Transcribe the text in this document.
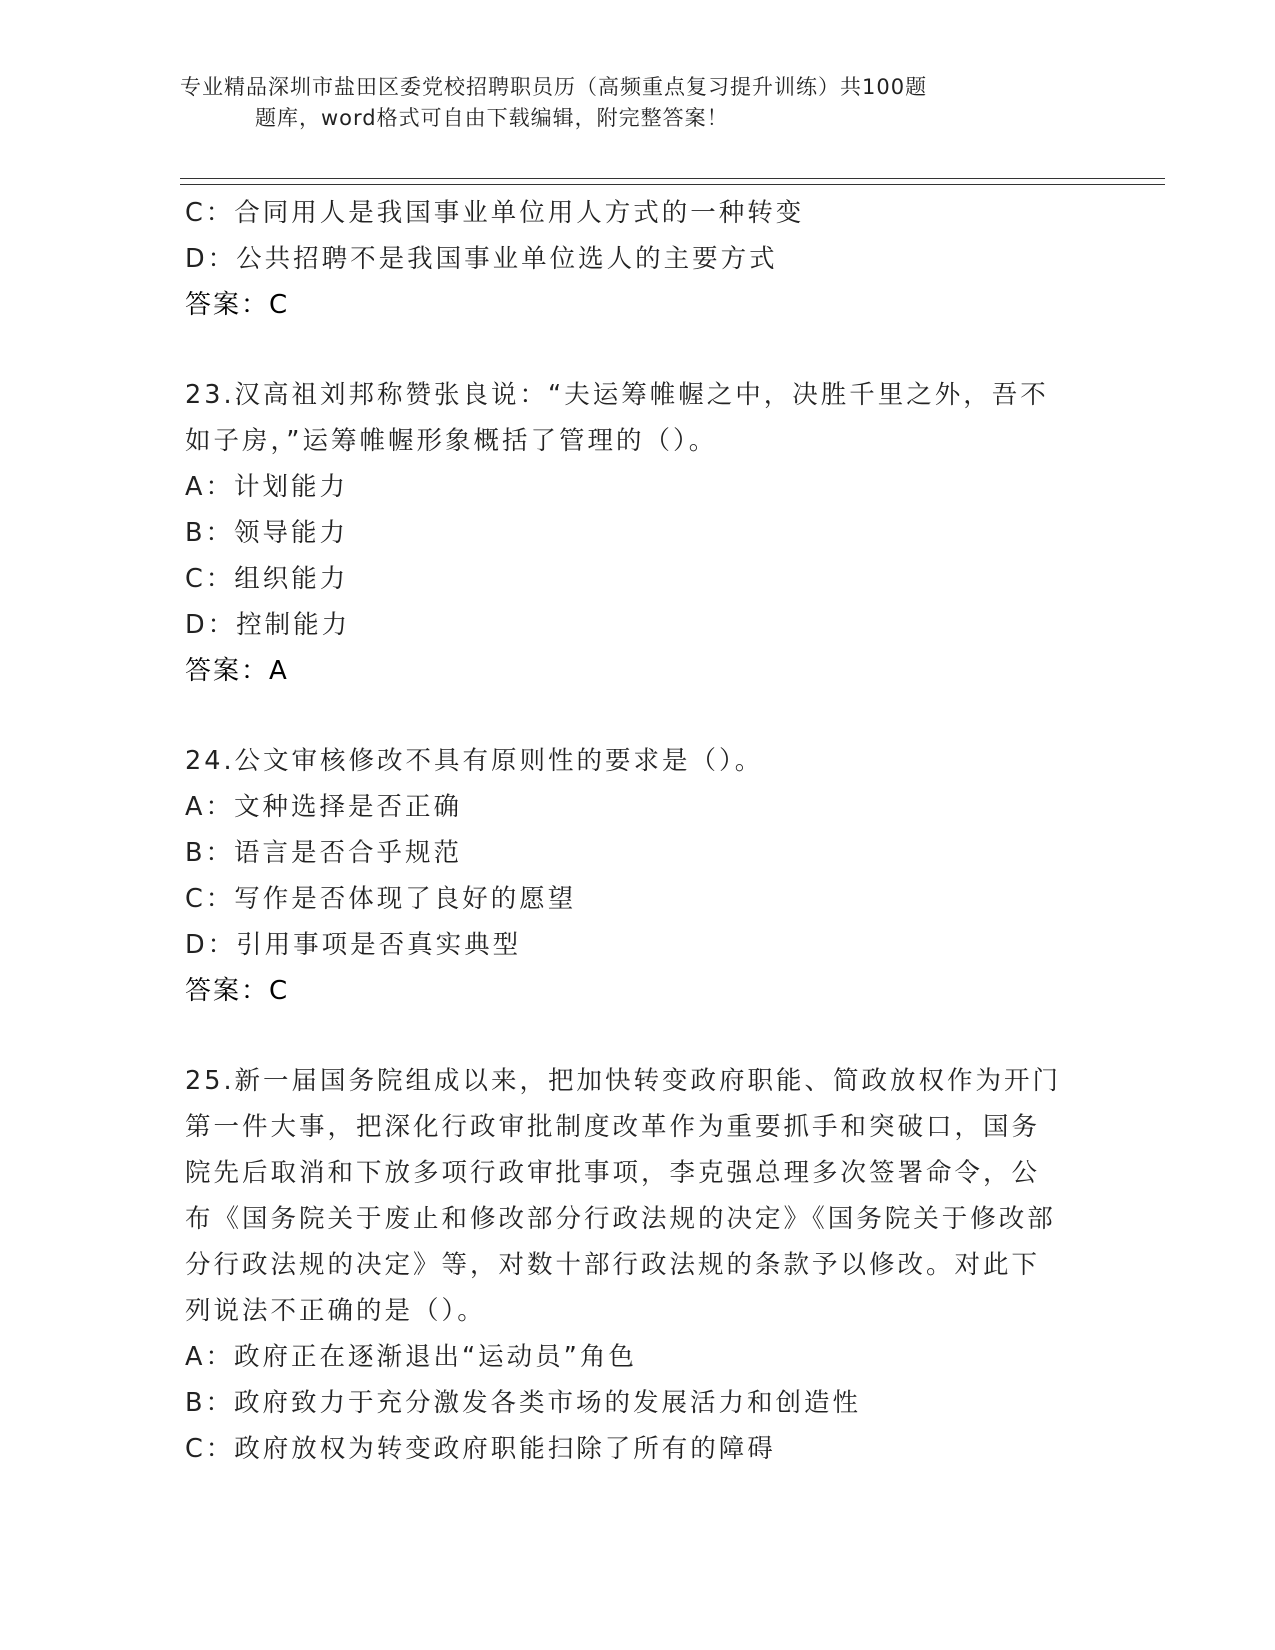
专业精品深圳市盐田区委党校招聘职员历（高频重点复习提升训练）共100题
题库，word格式可自由下载编辑，附完整答案！
C：合同用人是我国事业单位用人方式的一种转变
D：公共招聘不是我国事业单位选人的主要方式
答案：C
23.汉高祖刘邦称赞张良说：“夫运筹帷幄之中，决胜千里之外，吾不如子房，”运筹帷幄形象概括了管理的（）。
A：计划能力
B：领导能力
C：组织能力
D：控制能力
答案：A
24.公文审核修改不具有原则性的要求是（）。
A：文种选择是否正确
B：语言是否合乎规范
C：写作是否体现了良好的愿望
D：引用事项是否真实典型
答案：C
25.新一届国务院组成以来，把加快转变政府职能、简政放权作为开门第一件大事，把深化行政审批制度改革作为重要抓手和突破口，国务院先后取消和下放多项行政审批事项，李克强总理多次签署命令，公布《国务院关于废止和修改部分行政法规的决定》《国务院关于修改部分行政法规的决定》等，对数十部行政法规的条款予以修改。对此下列说法不正确的是（）。
A：政府正在逐渐退出“运动员”角色
B：政府致力于充分激发各类市场的发展活力和创造性
C：政府放权为转变政府职能扫除了所有的障碍
